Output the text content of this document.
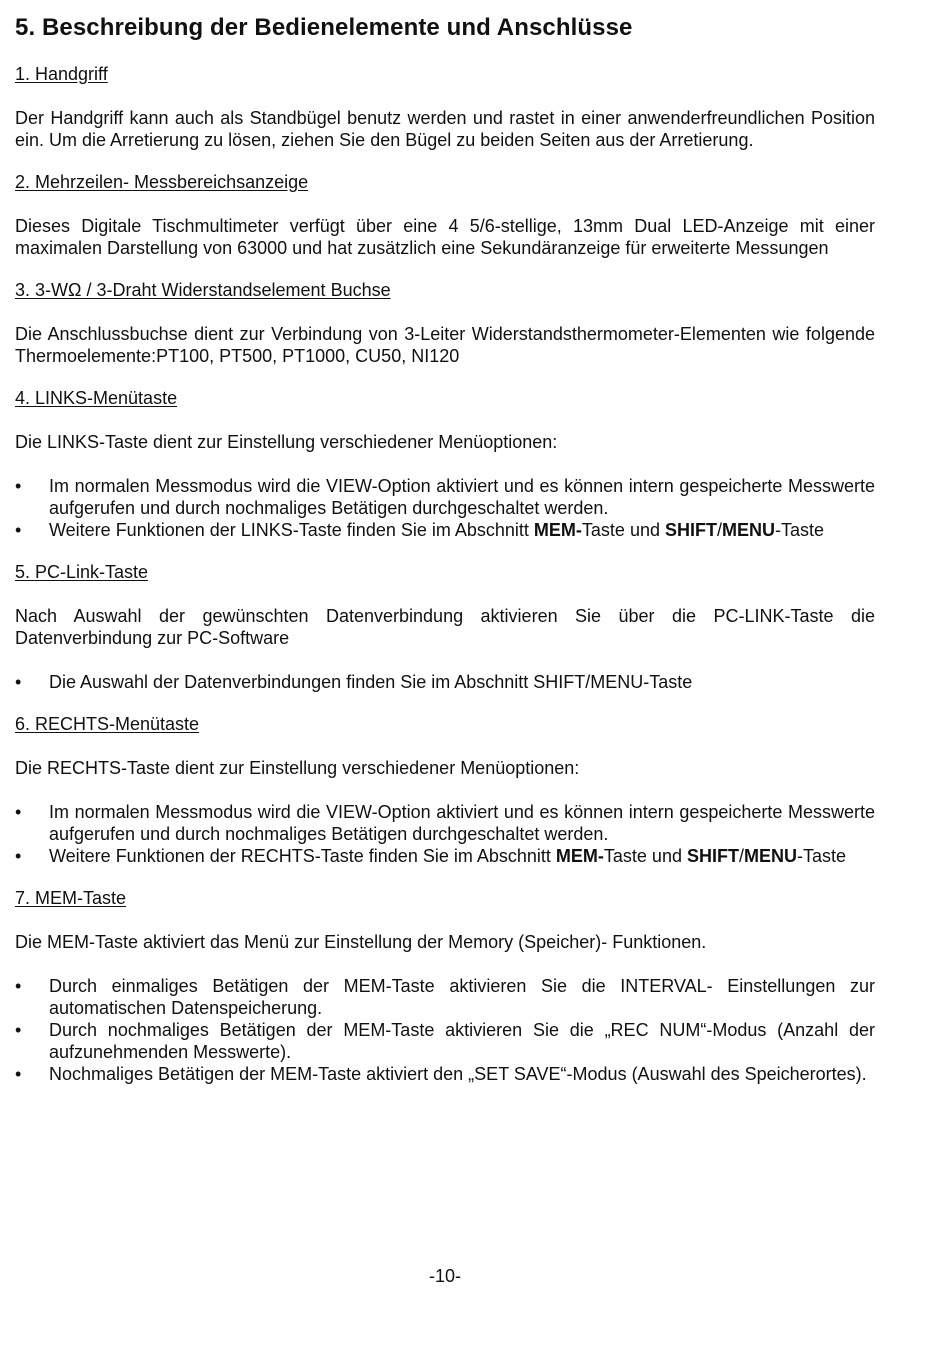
5. Beschreibung der Bedienelemente und Anschlüsse
1. Handgriff

Der Handgriff kann auch als Standbügel benutz werden und rastet in einer anwenderfreundlichen Position ein. Um die Arretierung zu lösen, ziehen Sie den Bügel zu beiden Seiten aus der Arretierung.

2. Mehrzeilen- Messbereichsanzeige

Dieses Digitale Tischmultimeter verfügt über eine 4 5/6-stellige, 13mm Dual LED-Anzeige mit einer maximalen Darstellung von 63000 und hat zusätzlich eine Sekundäranzeige für erweiterte Messungen

3. 3-WΩ / 3-Draht Widerstandselement Buchse

Die Anschlussbuchse dient zur Verbindung von 3-Leiter Widerstandsthermometer-Elementen wie folgende Thermoelemente:PT100, PT500, PT1000, CU50, NI120

4. LINKS-Menütaste

Die LINKS-Taste dient zur Einstellung verschiedener Menüoptionen:

• Im normalen Messmodus wird die VIEW-Option aktiviert und es können intern gespeicherte Messwerte aufgerufen und durch nochmaliges Betätigen durchgeschaltet werden.
• Weitere Funktionen der LINKS-Taste finden Sie im Abschnitt MEM-Taste und SHIFT/MENU-Taste
5. PC-Link-Taste

Nach Auswahl der gewünschten Datenverbindung aktivieren Sie über die PC-LINK-Taste die Datenverbindung zur PC-Software

• Die Auswahl der Datenverbindungen finden Sie im Abschnitt SHIFT/MENU-Taste
6. RECHTS-Menütaste

Die RECHTS-Taste dient zur Einstellung verschiedener Menüoptionen:

• Im normalen Messmodus wird die VIEW-Option aktiviert und es können intern gespeicherte Messwerte aufgerufen und durch nochmaliges Betätigen durchgeschaltet werden.
• Weitere Funktionen der RECHTS-Taste finden Sie im Abschnitt MEM-Taste und SHIFT/MENU-Taste
7. MEM-Taste

Die MEM-Taste aktiviert das Menü zur Einstellung der Memory (Speicher)- Funktionen.

• Durch einmaliges Betätigen der MEM-Taste aktivieren Sie die INTERVAL- Einstellungen zur automatischen Datenspeicherung.
• Durch nochmaliges Betätigen der MEM-Taste aktivieren Sie die „REC NUM“-Modus (Anzahl der aufzunehmenden Messwerte).
• Nochmaliges Betätigen der MEM-Taste aktiviert den „SET SAVE“-Modus (Auswahl des Speicherortes).
-10-
